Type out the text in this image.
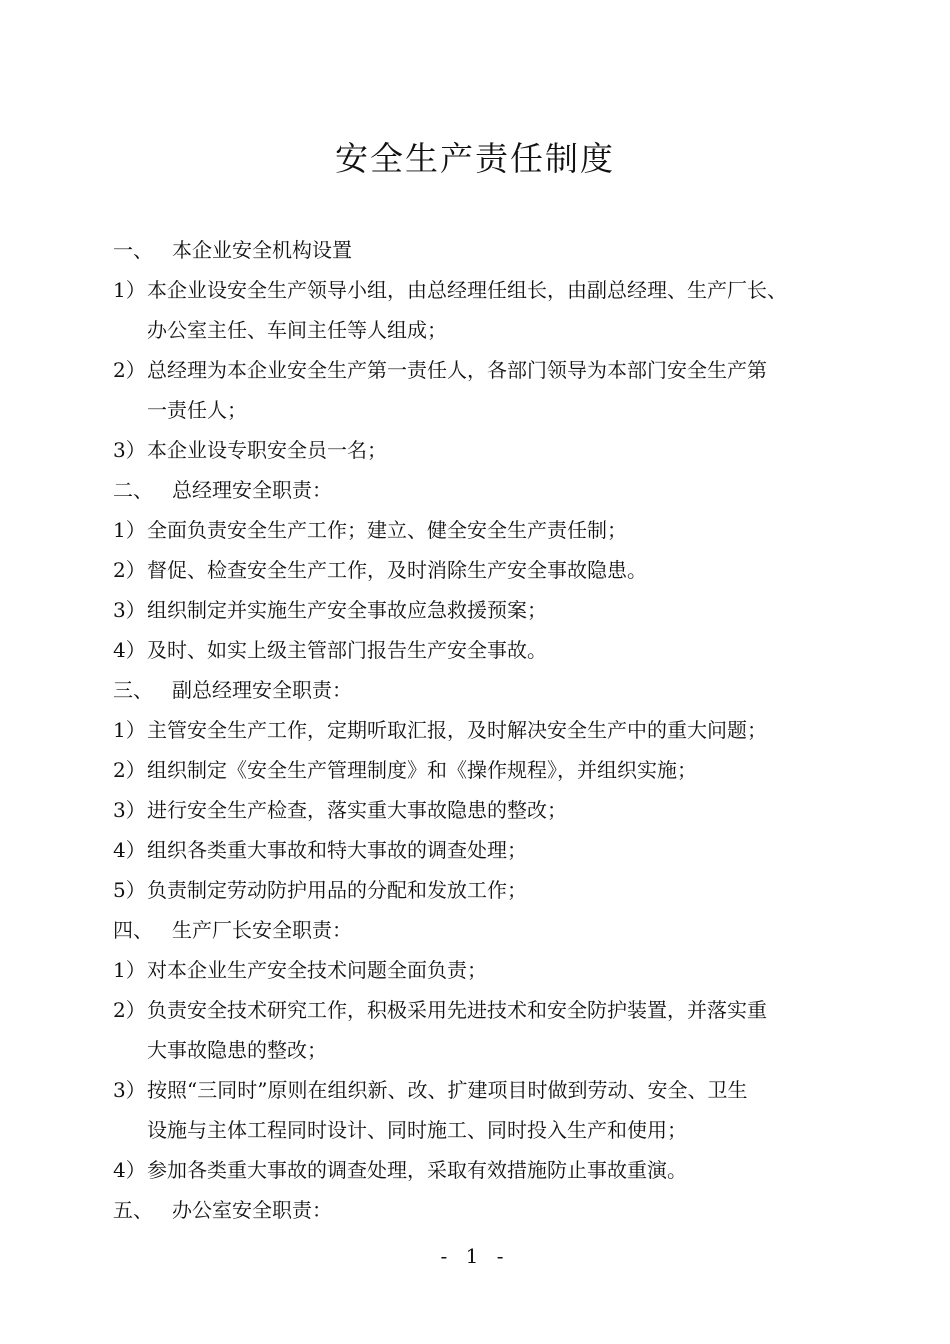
安全生产责任制度
一、 本企业安全机构设置
1） 本企业设安全生产领导小组，由总经理任组长，由副总经理、生产厂长、
办公室主任、车间主任等人组成；
2） 总经理为本企业安全生产第一责任人，各部门领导为本部门安全生产第
一责任人；
3） 本企业设专职安全员一名；
二、 总经理安全职责：
1） 全面负责安全生产工作；建立、健全安全生产责任制；
2） 督促、检查安全生产工作，及时消除生产安全事故隐患。
3） 组织制定并实施生产安全事故应急救援预案；
4） 及时、如实上级主管部门报告生产安全事故。
三、 副总经理安全职责：
1） 主管安全生产工作，定期听取汇报，及时解决安全生产中的重大问题；
2） 组织制定《安全生产管理制度》和《操作规程》，并组织实施；
3） 进行安全生产检查，落实重大事故隐患的整改；
4） 组织各类重大事故和特大事故的调查处理；
5） 负责制定劳动防护用品的分配和发放工作；
四、 生产厂长安全职责：
1） 对本企业生产安全技术问题全面负责；
2） 负责安全技术研究工作，积极采用先进技术和安全防护装置，并落实重
大事故隐患的整改；
3） 按照“三同时”原则在组织新、改、扩建项目时做到劳动、安全、卫生
设施与主体工程同时设计、同时施工、同时投入生产和使用；
4） 参加各类重大事故的调查处理，采取有效措施防止事故重演。
五、 办公室安全职责：
- 1 -
